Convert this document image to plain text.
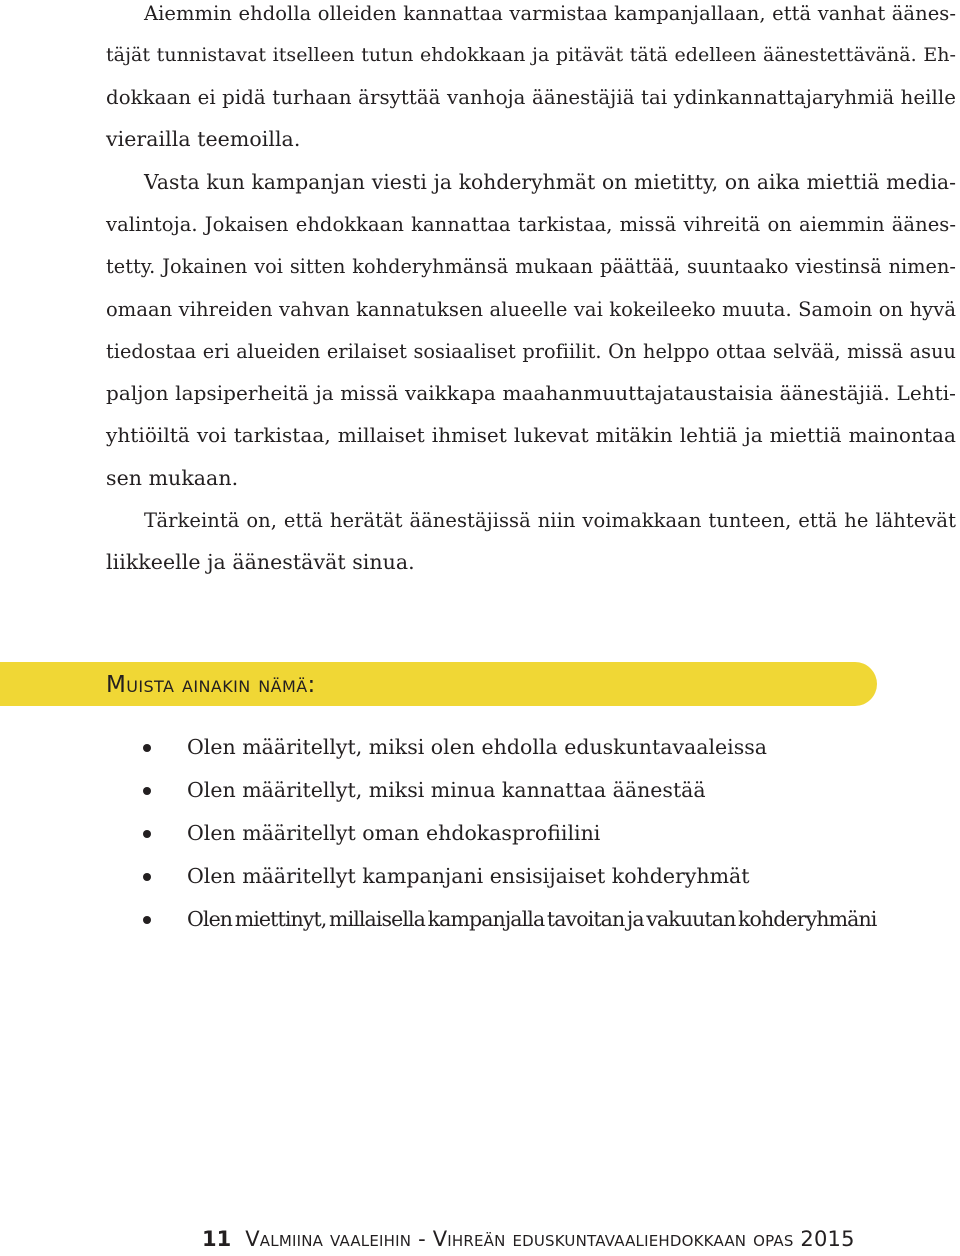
Aiemmin ehdolla olleiden kannattaa varmistaa kampanjallaan, että vanhat äänes-
täjät tunnistavat itselleen tutun ehdokkaan ja pitävät tätä edelleen äänestettävänä. Eh-
dokkaan ei pidä turhaan ärsyttää vanhoja äänestäjiä tai ydinkannattajaryhmiä heille
vierailla teemoilla.
Vasta kun kampanjan viesti ja kohderyhmät on mietitty, on aika miettiä media-
valintoja. Jokaisen ehdokkaan kannattaa tarkistaa, missä vihreitä on aiemmin äänes-
tetty. Jokainen voi sitten kohderyhmänsä mukaan päättää, suuntaako viestinsä nimen-
omaan vihreiden vahvan kannatuksen alueelle vai kokeileeko muuta. Samoin on hyvä
tiedostaa eri alueiden erilaiset sosiaaliset profiilit. On helppo ottaa selvää, missä asuu
paljon lapsiperheitä ja missä vaikkapa maahanmuuttajataustaisia äänestäjiä. Lehti-
yhtiöiltä voi tarkistaa, millaiset ihmiset lukevat mitäkin lehtiä ja miettiä mainontaa
sen mukaan.
Tärkeintä on, että herätät äänestäjissä niin voimakkaan tunteen, että he lähtevät
liikkeelle ja äänestävät sinua.
Muista ainakin nämä:
Olen määritellyt, miksi olen ehdolla eduskuntavaaleissa
Olen määritellyt, miksi minua kannattaa äänestää
Olen määritellyt oman ehdokasprofiilini
Olen määritellyt kampanjani ensisijaiset kohderyhmät
Olen miettinyt, millaisella kampanjalla tavoitan ja vakuutan kohderyhmäni
11 Valmiina vaaleihin - Vihreän eduskuntavaaliehdokkaan opas 2015
